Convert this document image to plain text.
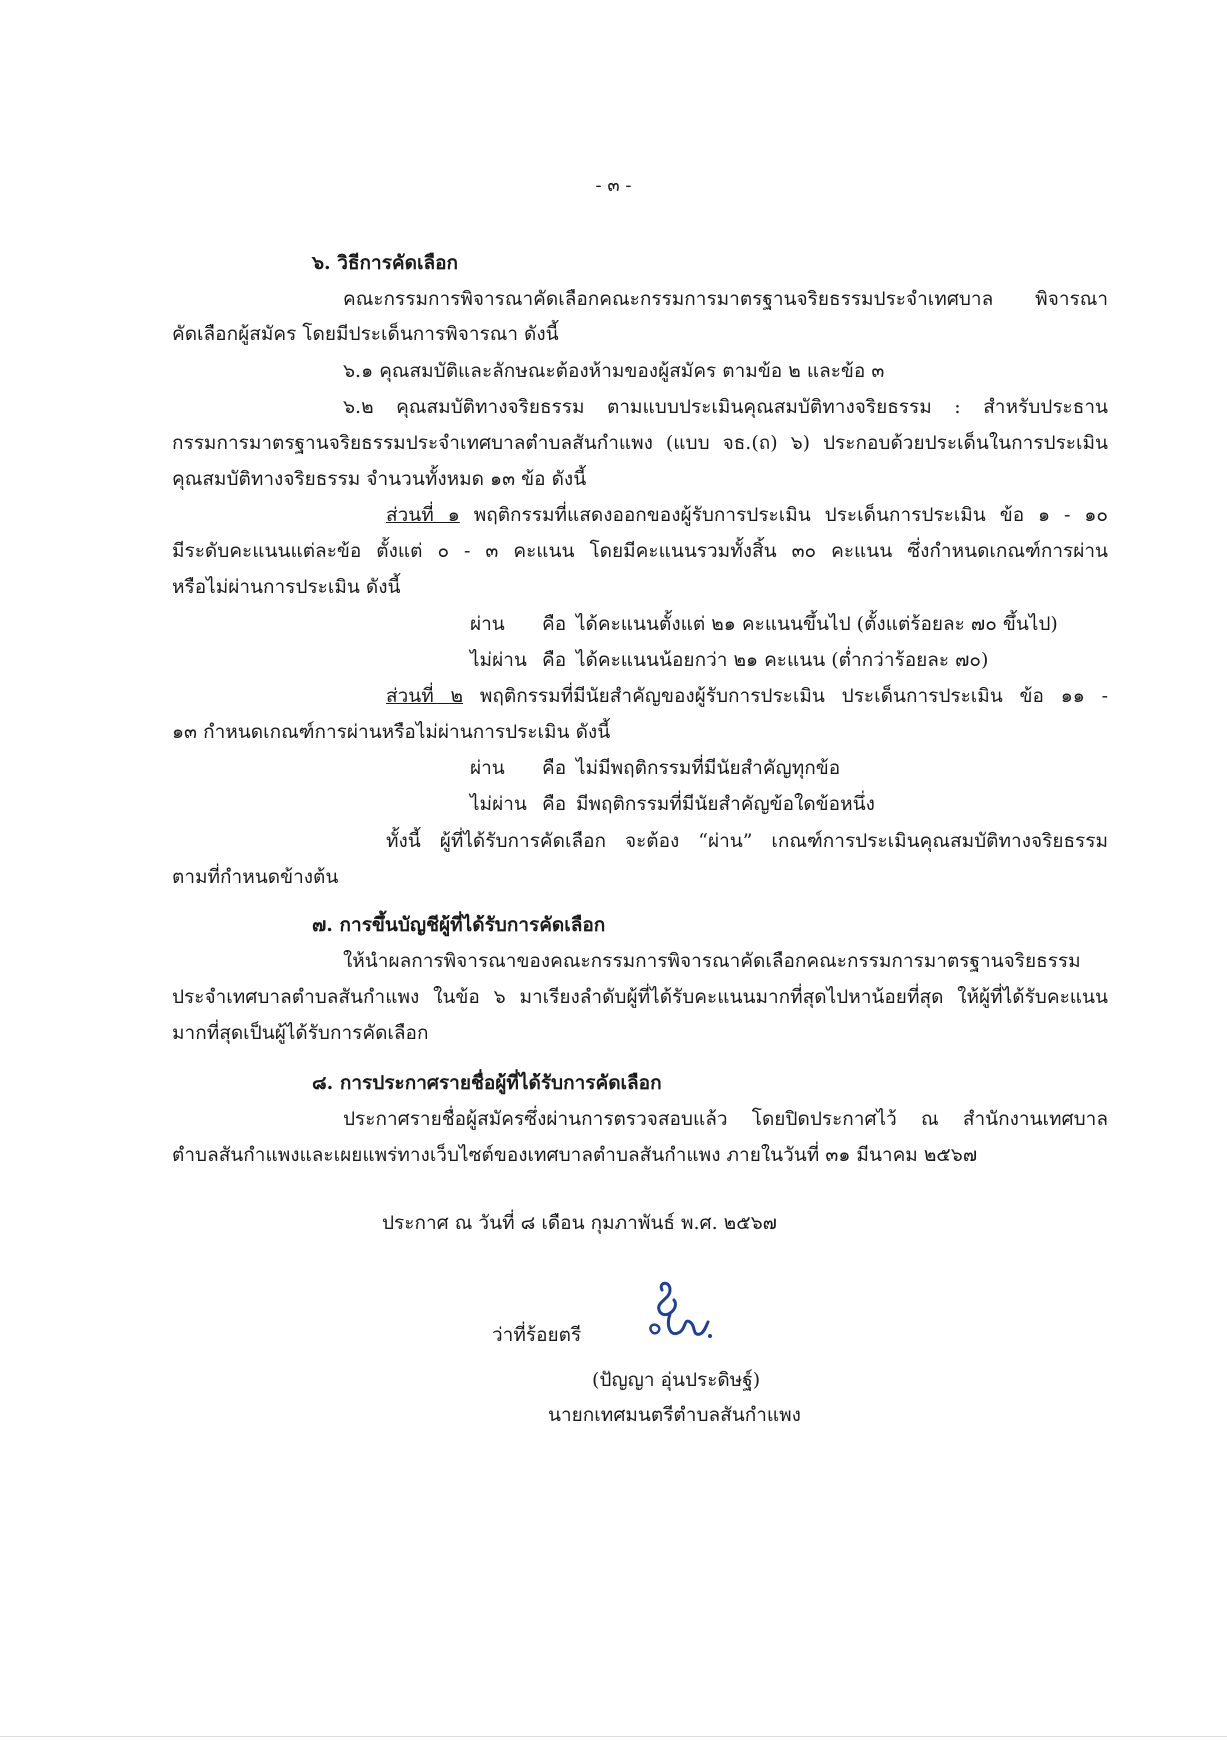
- ๓ -
๖. วิธีการคัดเลือก
คณะกรรมการพิจารณาคัดเลือกคณะกรรมการมาตรฐานจริยธรรมประจำเทศบาล พิจารณา
คัดเลือกผู้สมัคร โดยมีประเด็นการพิจารณา ดังนี้
๖.๑ คุณสมบัติและลักษณะต้องห้ามของผู้สมัคร ตามข้อ ๒ และข้อ ๓
๖.๒ คุณสมบัติทางจริยธรรม ตามแบบประเมินคุณสมบัติทางจริยธรรม : สำหรับประธาน
กรรมการมาตรฐานจริยธรรมประจำเทศบาลตำบลสันกำแพง (แบบ จธ.(ถ) ๖) ประกอบด้วยประเด็นในการประเมิน
คุณสมบัติทางจริยธรรม จำนวนทั้งหมด ๑๓ ข้อ ดังนี้
ส่วนที่ ๑ พฤติกรรมที่แสดงออกของผู้รับการประเมิน ประเด็นการประเมิน ข้อ ๑ - ๑๐
มีระดับคะแนนแต่ละข้อ ตั้งแต่ ๐ - ๓ คะแนน โดยมีคะแนนรวมทั้งสิ้น ๓๐ คะแนน ซึ่งกำหนดเกณฑ์การผ่าน
หรือไม่ผ่านการประเมิน ดังนี้
ผ่าน คือ ได้คะแนนตั้งแต่ ๒๑ คะแนนขึ้นไป (ตั้งแต่ร้อยละ ๗๐ ขึ้นไป)
ไม่ผ่าน คือ ได้คะแนนน้อยกว่า ๒๑ คะแนน (ต่ำกว่าร้อยละ ๗๐)
ส่วนที่ ๒ พฤติกรรมที่มีนัยสำคัญของผู้รับการประเมิน ประเด็นการประเมิน ข้อ ๑๑ -
๑๓ กำหนดเกณฑ์การผ่านหรือไม่ผ่านการประเมิน ดังนี้
ผ่าน คือ ไม่มีพฤติกรรมที่มีนัยสำคัญทุกข้อ
ไม่ผ่าน คือ มีพฤติกรรมที่มีนัยสำคัญข้อใดข้อหนึ่ง
ทั้งนี้ ผู้ที่ได้รับการคัดเลือก จะต้อง “ผ่าน” เกณฑ์การประเมินคุณสมบัติทางจริยธรรม
ตามที่กำหนดข้างต้น
๗. การขึ้นบัญชีผู้ที่ได้รับการคัดเลือก
ให้นำผลการพิจารณาของคณะกรรมการพิจารณาคัดเลือกคณะกรรมการมาตรฐานจริยธรรม
ประจำเทศบาลตำบลสันกำแพง ในข้อ ๖ มาเรียงลำดับผู้ที่ได้รับคะแนนมากที่สุดไปหาน้อยที่สุด ให้ผู้ที่ได้รับคะแนน
มากที่สุดเป็นผู้ได้รับการคัดเลือก
๘. การประกาศรายชื่อผู้ที่ได้รับการคัดเลือก
ประกาศรายชื่อผู้สมัครซึ่งผ่านการตรวจสอบแล้ว โดยปิดประกาศไว้ ณ สำนักงานเทศบาล
ตำบลสันกำแพงและเผยแพร่ทางเว็บไซต์ของเทศบาลตำบลสันกำแพง ภายในวันที่ ๓๑ มีนาคม ๒๕๖๗
ประกาศ ณ วันที่ ๘ เดือน กุมภาพันธ์ พ.ศ. ๒๕๖๗
ว่าที่ร้อยตรี
(ปัญญา อุ่นประดิษฐ์)
นายกเทศมนตรีตำบลสันกำแพง
